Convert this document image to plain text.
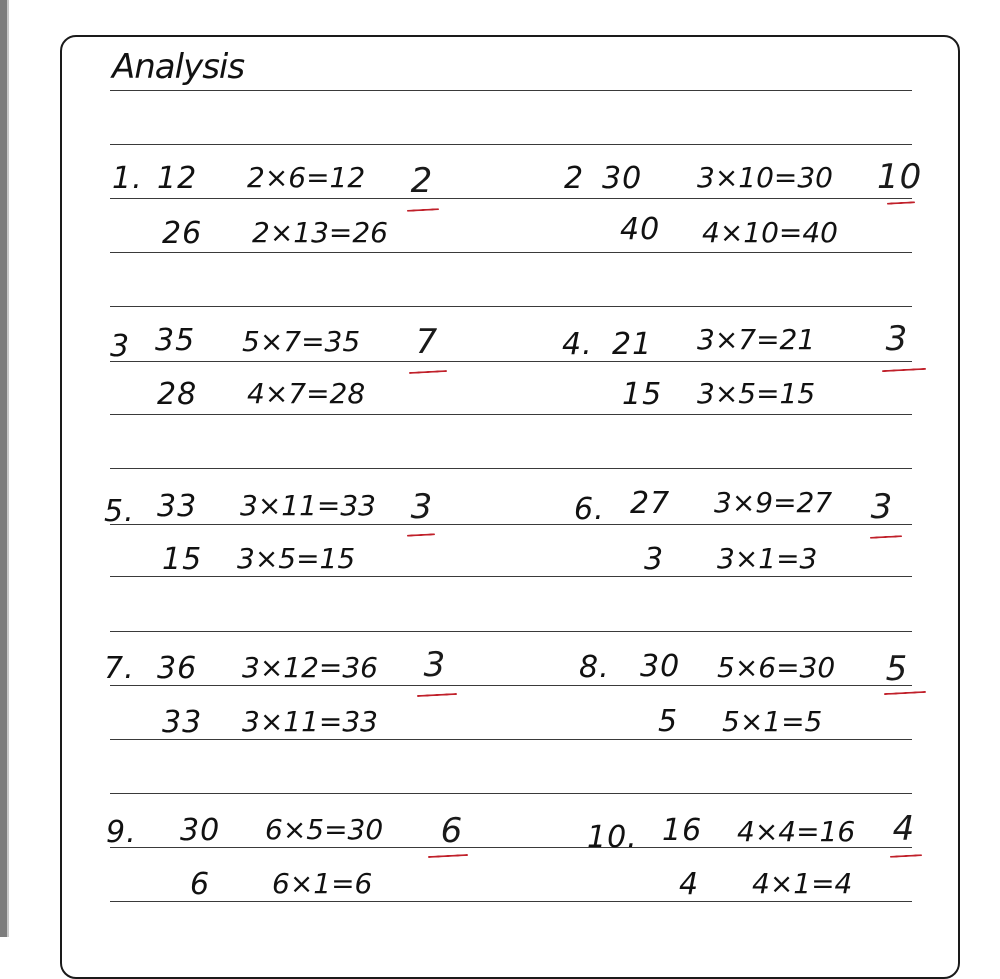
Analysis
1. 12 2×6=12 2
26 2×13=26
2 30 3×10=30 10
40 4×10=40
3 35 5×7=35 7
28 4×7=28
4. 21 3×7=21 3
15 3×5=15
5. 33 3×11=33 3
15 3×5=15
6. 27 3×9=27 3
3 3×1=3
7. 36 3×12=36 3
33 3×11=33
8. 30 5×6=30 5
5 5×1=5
9. 30 6×5=30 6
6 6×1=6
10. 16 4×4=16 4
4 4×1=4
